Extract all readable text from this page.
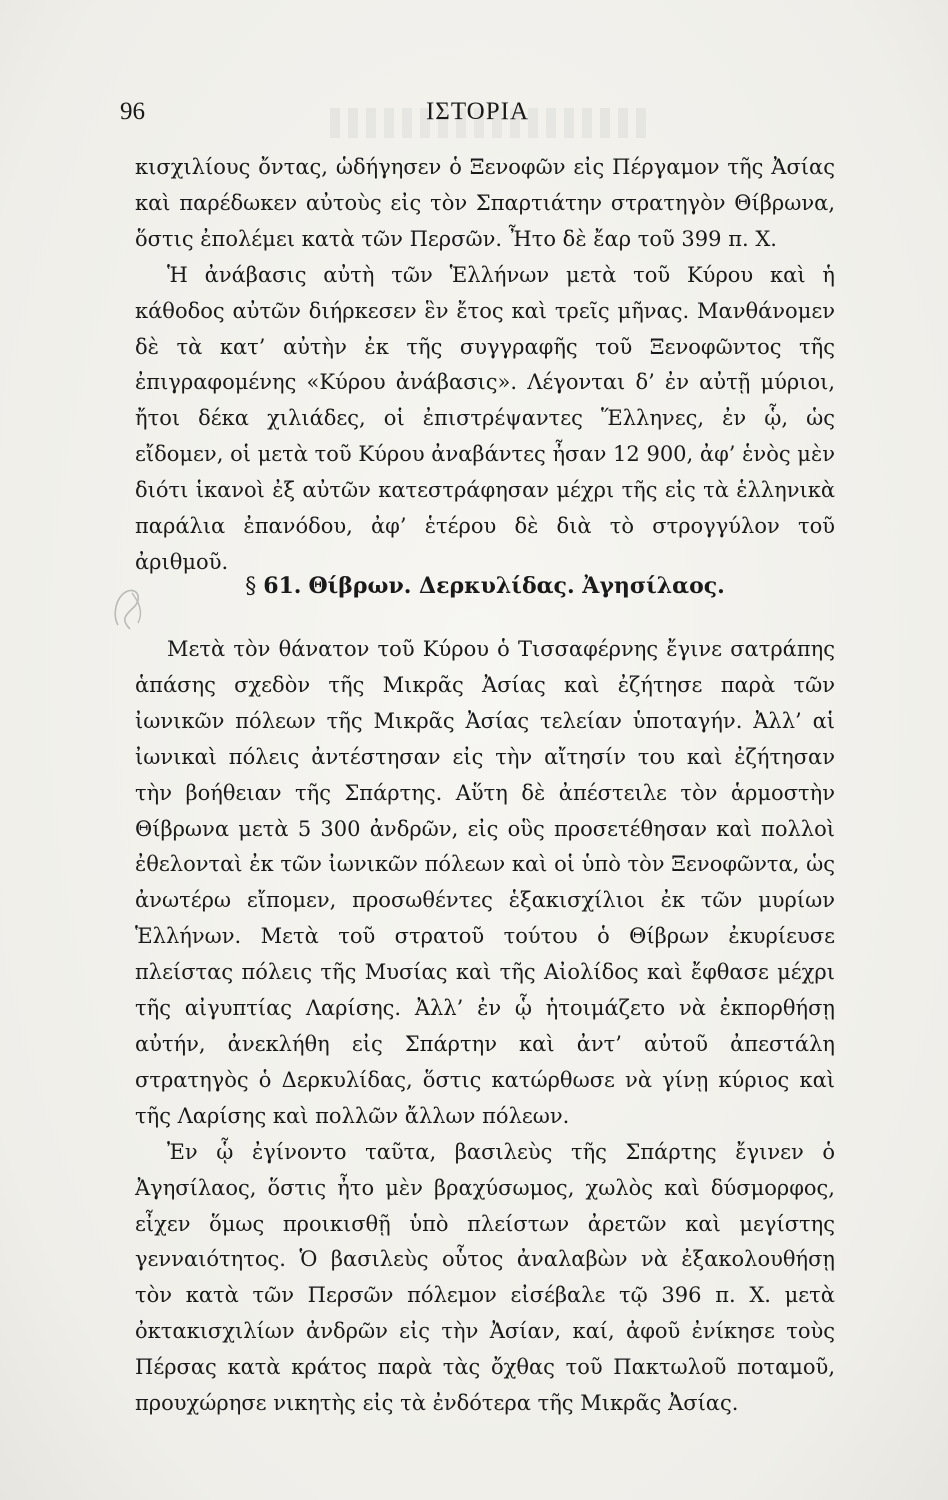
96	ΙΣΤΟΡΙΑ

κισχιλίους ὄντας, ὡδήγησεν ὁ Ξενοφῶν εἰς Πέργαμον τῆς Ἀσίας καὶ παρέδωκεν αὐτοὺς εἰς τὸν Σπαρτιάτην στρατηγὸν Θίβρωνα, ὅστις ἐπολέμει κατὰ τῶν Περσῶν. Ἦτο δὲ ἔαρ τοῦ 399 π. Χ.

Ἡ ἀνάβασις αὐτὴ τῶν Ἑλλήνων μετὰ τοῦ Κύρου καὶ ἡ κάθοδος αὐτῶν διήρκεσεν ἓν ἔτος καὶ τρεῖς μῆνας. Μανθάνομεν δὲ τὰ κατ’ αὐτὴν ἐκ τῆς συγγραφῆς τοῦ Ξενοφῶντος τῆς ἐπιγραφομένης «Κύρου ἀνάβασις». Λέγονται δ’ ἐν αὐτῇ μύριοι, ἤτοι δέκα χιλιάδες, οἱ ἐπιστρέψαντες Ἕλληνες, ἐν ᾧ, ὡς εἴδομεν, οἱ μετὰ τοῦ Κύρου ἀναβάντες ἦσαν 12 900, ἀφ’ ἑνὸς μὲν διότι ἱκανοὶ ἐξ αὐτῶν κατεστράφησαν μέχρι τῆς εἰς τὰ ἑλληνικὰ παράλια ἐπανόδου, ἀφ’ ἑτέρου δὲ διὰ τὸ στρογγύλον τοῦ ἀριθμοῦ.

§ 61. Θίβρων. Δερκυλίδας. Ἀγησίλαος.

Μετὰ τὸν θάνατον τοῦ Κύρου ὁ Τισσαφέρνης ἔγινε σατράπης ἁπάσης σχεδὸν τῆς Μικρᾶς Ἀσίας καὶ ἐζήτησε παρὰ τῶν ἰωνικῶν πόλεων τῆς Μικρᾶς Ἀσίας τελείαν ὑποταγήν. Ἀλλ’ αἱ ἰωνικαὶ πόλεις ἀντέστησαν εἰς τὴν αἴτησίν του καὶ ἐζήτησαν τὴν βοήθειαν τῆς Σπάρτης. Αὕτη δὲ ἀπέστειλε τὸν ἁρμοστὴν Θίβρωνα μετὰ 5 300 ἀνδρῶν, εἰς οὓς προσετέθησαν καὶ πολλοὶ ἐθελονταὶ ἐκ τῶν ἰωνικῶν πόλεων καὶ οἱ ὑπὸ τὸν Ξενοφῶντα, ὡς ἀνωτέρω εἴπομεν, προσωθέντες ἑξακισχίλιοι ἐκ τῶν μυρίων Ἑλλήνων. Μετὰ τοῦ στρατοῦ τούτου ὁ Θίβρων ἐκυρίευσε πλείστας πόλεις τῆς Μυσίας καὶ τῆς Αἰολίδος καὶ ἔφθασε μέχρι τῆς αἰγυπτίας Λαρίσης. Ἀλλ’ ἐν ᾧ ἡτοιμάζετο νὰ ἐκπορθήσῃ αὐτήν, ἀνεκλήθη εἰς Σπάρτην καὶ ἀντ’ αὐτοῦ ἀπεστάλη στρατηγὸς ὁ Δερκυλίδας, ὅστις κατώρθωσε νὰ γίνῃ κύριος καὶ τῆς Λαρίσης καὶ πολλῶν ἄλλων πόλεων.

Ἐν ᾧ ἐγίνοντο ταῦτα, βασιλεὺς τῆς Σπάρτης ἔγινεν ὁ Ἀγησίλαος, ὅστις ἦτο μὲν βραχύσωμος, χωλὸς καὶ δύσμορφος, εἶχεν ὅμως προικισθῇ ὑπὸ πλείστων ἀρετῶν καὶ μεγίστης γενναιότητος. Ὁ βασιλεὺς οὗτος ἀναλαβὼν νὰ ἐξακολουθήσῃ τὸν κατὰ τῶν Περσῶν πόλεμον εἰσέβαλε τῷ 396 π. Χ. μετὰ ὀκτακισχιλίων ἀνδρῶν εἰς τὴν Ἀσίαν, καί, ἀφοῦ ἐνίκησε τοὺς Πέρσας κατὰ κράτος παρὰ τὰς ὄχθας τοῦ Πακτωλοῦ ποταμοῦ, προυχώρησε νικητὴς εἰς τὰ ἐνδότερα τῆς Μικρᾶς Ἀσίας.
